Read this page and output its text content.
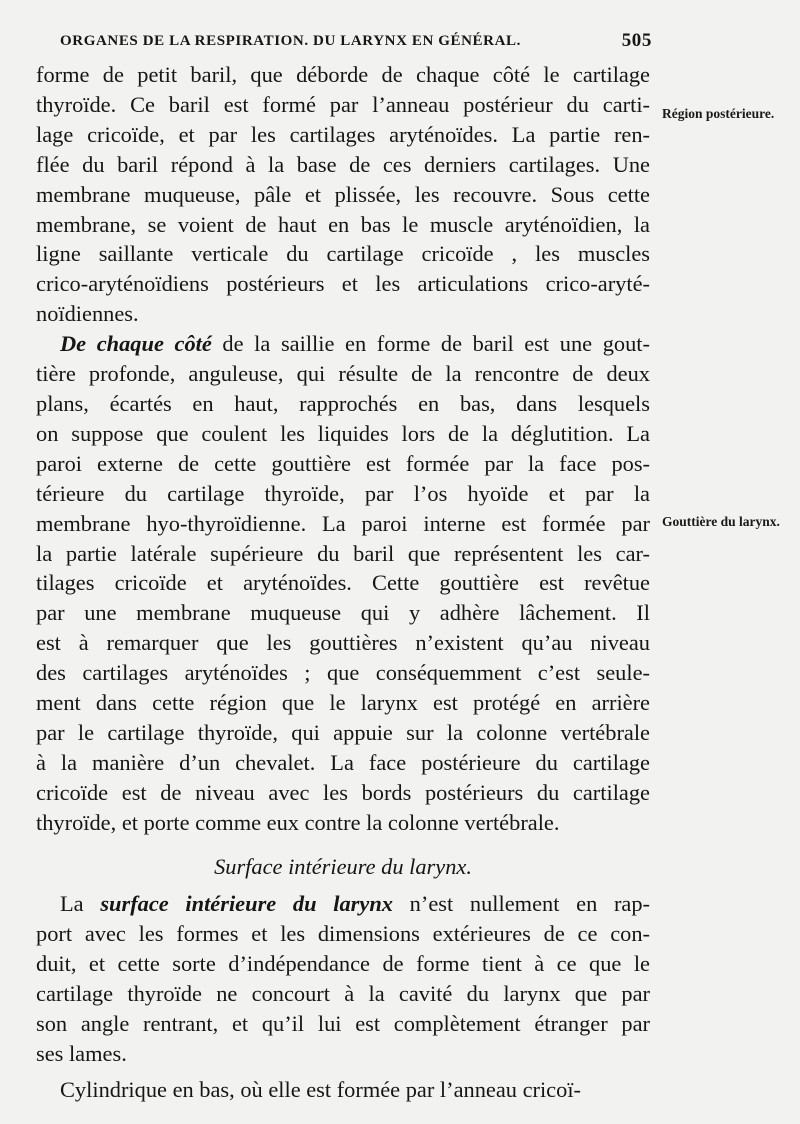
ORGANES DE LA RESPIRATION. DU LARYNX EN GÉNÉRAL.	505

Région postérieure.
Gouttière du larynx.

forme de petit baril, que déborde de chaque côté le cartilage
thyroïde. Ce baril est formé par l’anneau postérieur du carti-
lage cricoïde, et par les cartilages aryténoïdes. La partie ren-
flée du baril répond à la base de ces derniers cartilages. Une
membrane muqueuse, pâle et plissée, les recouvre. Sous cette
membrane, se voient de haut en bas le muscle aryténoïdien, la
ligne saillante verticale du cartilage cricoïde , les muscles
crico-aryténoïdiens postérieurs et les articulations crico-aryté-
noïdiennes.

De chaque côté de la saillie en forme de baril est une gout-
tière profonde, anguleuse, qui résulte de la rencontre de deux
plans, écartés en haut, rapprochés en bas, dans lesquels
on suppose que coulent les liquides lors de la déglutition. La
paroi externe de cette gouttière est formée par la face pos-
térieure du cartilage thyroïde, par l’os hyoïde et par la
membrane hyo-thyroïdienne. La paroi interne est formée par
la partie latérale supérieure du baril que représentent les car-
tilages cricoïde et aryténoïdes. Cette gouttière est revêtue
par une membrane muqueuse qui y adhère lâchement. Il
est à remarquer que les gouttières n’existent qu’au niveau
des cartilages aryténoïdes ; que conséquemment c’est seule-
ment dans cette région que le larynx est protégé en arrière
par le cartilage thyroïde, qui appuie sur la colonne vertébrale
à la manière d’un chevalet. La face postérieure du cartilage
cricoïde est de niveau avec les bords postérieurs du cartilage
thyroïde, et porte comme eux contre la colonne vertébrale.

Surface intérieure du larynx.

La surface intérieure du larynx n’est nullement en rap-
port avec les formes et les dimensions extérieures de ce con-
duit, et cette sorte d’indépendance de forme tient à ce que le
cartilage thyroïde ne concourt à la cavité du larynx que par
son angle rentrant, et qu’il lui est complètement étranger par
ses lames.

Cylindrique en bas, où elle est formée par l’anneau cricoï-
